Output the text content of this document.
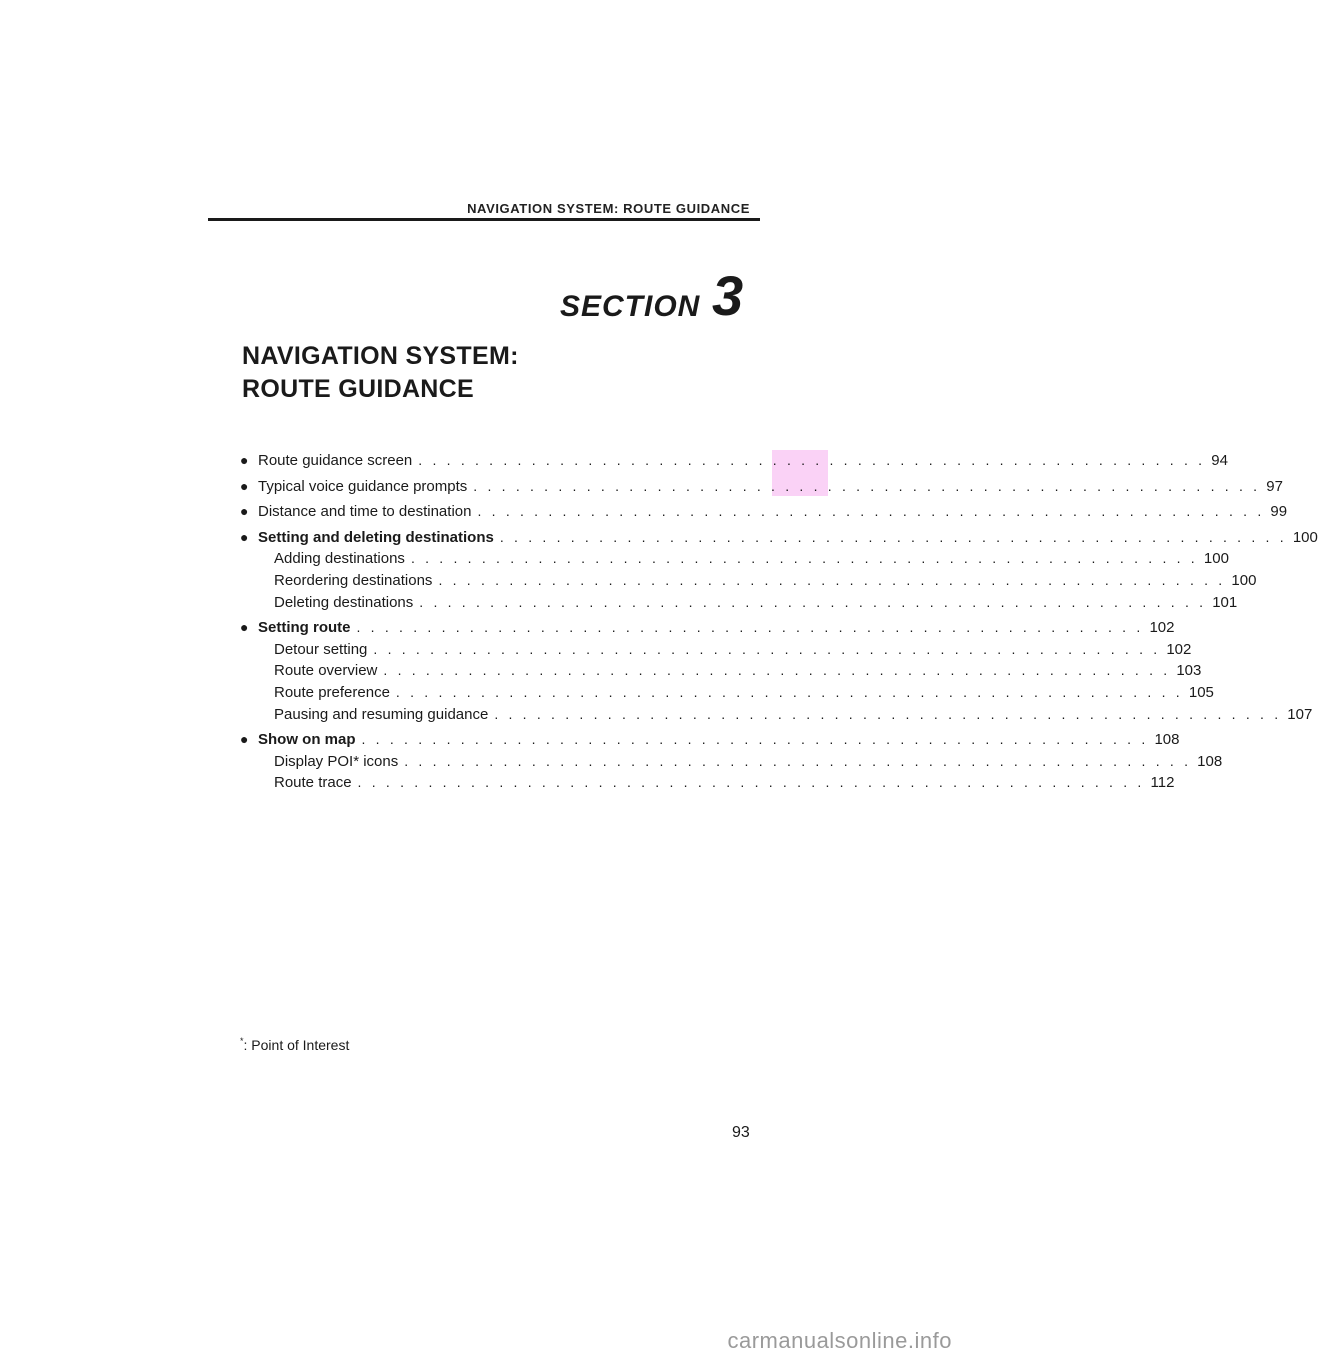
NAVIGATION SYSTEM: ROUTE GUIDANCE
SECTION 3
NAVIGATION SYSTEM:
ROUTE GUIDANCE
● Route guidance screen . . . . . . . . . . . . . . . . . . . . . . . . . . . . . . . . . . . . . . . . . . . . . . . . . . . . . . . . 94
● Typical voice guidance prompts . . . . . . . . . . . . . . . . . . . . . . . . . . . . . . . . . . . . . . . . . . . . . . . . . . . . . . . . 97
● Distance and time to destination . . . . . . . . . . . . . . . . . . . . . . . . . . . . . . . . . . . . . . . . . . . . . . . . . . . . . . . . 99
● Setting and deleting destinations . . . . . . . . . . . . . . . . . . . . . . . . . . . . . . . . . . . . . . . . . . . . . . . . . . . . . . . . 100
Adding destinations . . . . . . . . . . . . . . . . . . . . . . . . . . . . . . . . . . . . . . . . . . . . . . . . . . . . . . . . 100
Reordering destinations . . . . . . . . . . . . . . . . . . . . . . . . . . . . . . . . . . . . . . . . . . . . . . . . . . . . . . . . 100
Deleting destinations . . . . . . . . . . . . . . . . . . . . . . . . . . . . . . . . . . . . . . . . . . . . . . . . . . . . . . . . 101
● Setting route . . . . . . . . . . . . . . . . . . . . . . . . . . . . . . . . . . . . . . . . . . . . . . . . . . . . . . . . 102
Detour setting . . . . . . . . . . . . . . . . . . . . . . . . . . . . . . . . . . . . . . . . . . . . . . . . . . . . . . . . 102
Route overview . . . . . . . . . . . . . . . . . . . . . . . . . . . . . . . . . . . . . . . . . . . . . . . . . . . . . . . . 103
Route preference . . . . . . . . . . . . . . . . . . . . . . . . . . . . . . . . . . . . . . . . . . . . . . . . . . . . . . . . 105
Pausing and resuming guidance . . . . . . . . . . . . . . . . . . . . . . . . . . . . . . . . . . . . . . . . . . . . . . . . . . . . . . . . 107
● Show on map . . . . . . . . . . . . . . . . . . . . . . . . . . . . . . . . . . . . . . . . . . . . . . . . . . . . . . . . 108
Display POI* icons . . . . . . . . . . . . . . . . . . . . . . . . . . . . . . . . . . . . . . . . . . . . . . . . . . . . . . . . 108
Route trace . . . . . . . . . . . . . . . . . . . . . . . . . . . . . . . . . . . . . . . . . . . . . . . . . . . . . . . . 112
*: Point of Interest
93
carmanualsonline.info
